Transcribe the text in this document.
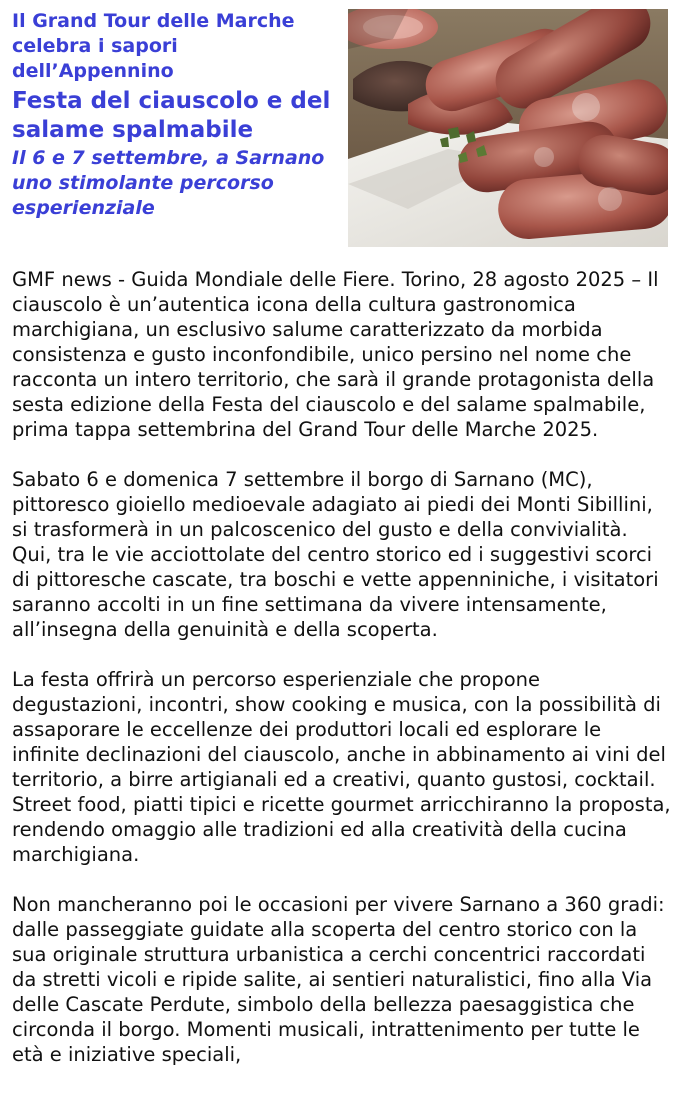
Il Grand Tour delle Marche celebra i sapori dell’Appennino

Festa del ciauscolo e del salame spalmabile

Il 6 e 7 settembre, a Sarnano uno stimolante percorso esperienziale

GMF news - Guida Mondiale delle Fiere. Torino, 28 agosto 2025 – Il ciauscolo è un’autentica icona della cultura gastronomica marchigiana, un esclusivo salume caratterizzato da morbida consistenza e gusto inconfondibile, unico persino nel nome che racconta un intero territorio, che sarà il grande protagonista della sesta edizione della Festa del ciauscolo e del salame spalmabile, prima tappa settembrina del Grand Tour delle Marche 2025.

Sabato 6 e domenica 7 settembre il borgo di Sarnano (MC), pittoresco gioiello medioevale adagiato ai piedi dei Monti Sibillini, si trasformerà in un palcoscenico del gusto e della convivialità. Qui, tra le vie acciottolate del centro storico ed i suggestivi scorci di pittoresche cascate, tra boschi e vette appenniniche, i visitatori saranno accolti in un fine settimana da vivere intensamente, all’insegna della genuinità e della scoperta.

La festa offrirà un percorso esperienziale che propone degustazioni, incontri, show cooking e musica, con la possibilità di assaporare le eccellenze dei produttori locali ed esplorare le infinite declinazioni del ciauscolo, anche in abbinamento ai vini del territorio, a birre artigianali ed a creativi, quanto gustosi, cocktail. Street food, piatti tipici e ricette gourmet arricchiranno la proposta, rendendo omaggio alle tradizioni ed alla creatività della cucina marchigiana.

Non mancheranno poi le occasioni per vivere Sarnano a 360 gradi: dalle passeggiate guidate alla scoperta del centro storico con la sua originale struttura urbanistica a cerchi concentrici raccordati da stretti vicoli e ripide salite, ai sentieri naturalistici, fino alla Via delle Cascate Perdute, simbolo della bellezza paesaggistica che circonda il borgo. Momenti musicali, intrattenimento per tutte le età e iniziative speciali,
